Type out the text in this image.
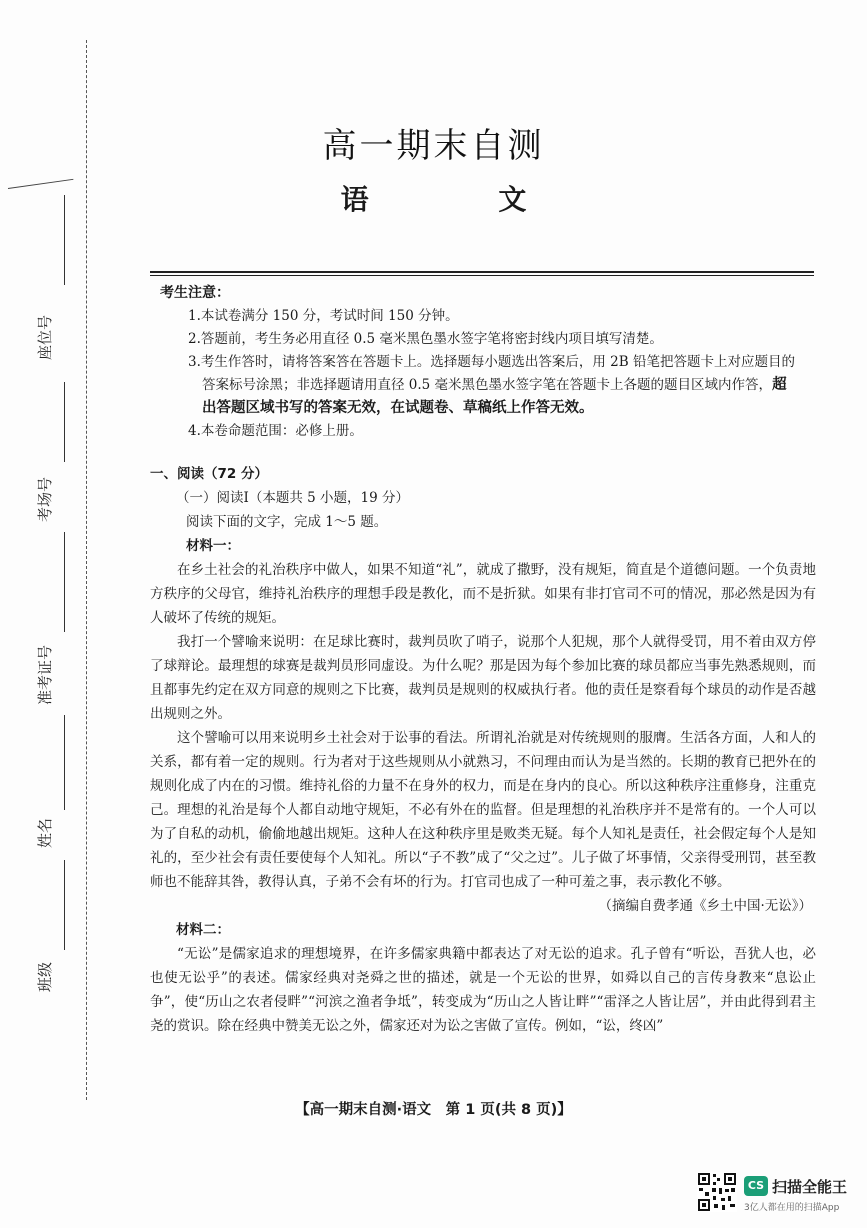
座位号
考场号
准考证号
姓名
班级
高一期末自测
语 文
考生注意：

1.本试卷满分 150 分，考试时间 150 分钟。

2.答题前，考生务必用直径 0.5 毫米黑色墨水签字笔将密封线内项目填写清楚。

3.考生作答时，请将答案答在答题卡上。选择题每小题选出答案后，用 2B 铅笔把答题卡上对应题目的

答案标号涂黑；非选择题请用直径 0.5 毫米黑色墨水签字笔在答题卡上各题的题目区域内作答，超

出答题区域书写的答案无效，在试题卷、草稿纸上作答无效。

4.本卷命题范围：必修上册。

一、阅读（72 分）

（一）阅读Ⅰ（本题共 5 小题，19 分）

阅读下面的文字，完成 1～5 题。

材料一：

在乡土社会的礼治秩序中做人，如果不知道“礼”，就成了撒野，没有规矩，简直是个道德问题。一个负责地方秩序的父母官，维持礼治秩序的理想手段是教化，而不是折狱。如果有非打官司不可的情况，那必然是因为有人破坏了传统的规矩。

我打一个譬喻来说明：在足球比赛时，裁判员吹了哨子，说那个人犯规，那个人就得受罚，用不着由双方停了球辩论。最理想的球赛是裁判员形同虚设。为什么呢？那是因为每个参加比赛的球员都应当事先熟悉规则，而且都事先约定在双方同意的规则之下比赛，裁判员是规则的权威执行者。他的责任是察看每个球员的动作是否越出规则之外。

这个譬喻可以用来说明乡土社会对于讼事的看法。所谓礼治就是对传统规则的服膺。生活各方面，人和人的关系，都有着一定的规则。行为者对于这些规则从小就熟习，不问理由而认为是当然的。长期的教育已把外在的规则化成了内在的习惯。维持礼俗的力量不在身外的权力，而是在身内的良心。所以这种秩序注重修身，注重克己。理想的礼治是每个人都自动地守规矩，不必有外在的监督。但是理想的礼治秩序并不是常有的。一个人可以为了自私的动机，偷偷地越出规矩。这种人在这种秩序里是败类无疑。每个人知礼是责任，社会假定每个人是知礼的，至少社会有责任要使每个人知礼。所以“子不教”成了“父之过”。儿子做了坏事情，父亲得受刑罚，甚至教师也不能辞其咎，教得认真，子弟不会有坏的行为。打官司也成了一种可羞之事，表示教化不够。

（摘编自费孝通《乡土中国·无讼》）

材料二：

“无讼”是儒家追求的理想境界，在许多儒家典籍中都表达了对无讼的追求。孔子曾有“听讼，吾犹人也，必也使无讼乎”的表述。儒家经典对尧舜之世的描述，就是一个无讼的世界，如舜以自己的言传身教来“息讼止争”，使“历山之农者侵畔”“河滨之渔者争坻”，转变成为“历山之人皆让畔”“雷泽之人皆让居”，并由此得到君主尧的赏识。除在经典中赞美无讼之外，儒家还对为讼之害做了宣传。例如，“讼，终凶”

【高一期末自测·语文　第 1 页(共 8 页)】
CS 扫描全能王
3亿人都在用的扫描App
